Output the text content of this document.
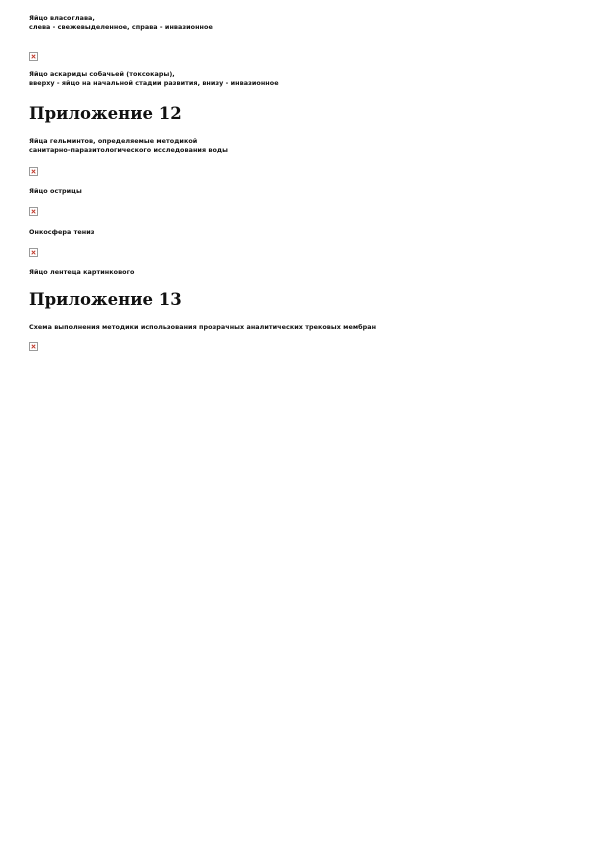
Яйцо власоглава,
слева - свежевыделенное, справа - инвазионное

Яйцо аскариды собачьей (токсокары),
вверху - яйцо на начальной стадии развития, внизу - инвазионное

Приложение 12

Яйца гельминтов, определяемые методикой
санитарно-паразитологического исследования воды

Яйцо острицы

Онкосфера тениз

Яйцо лентеца картинкового

Приложение 13

Схема выполнения методики использования прозрачных аналитических трековых мембран
